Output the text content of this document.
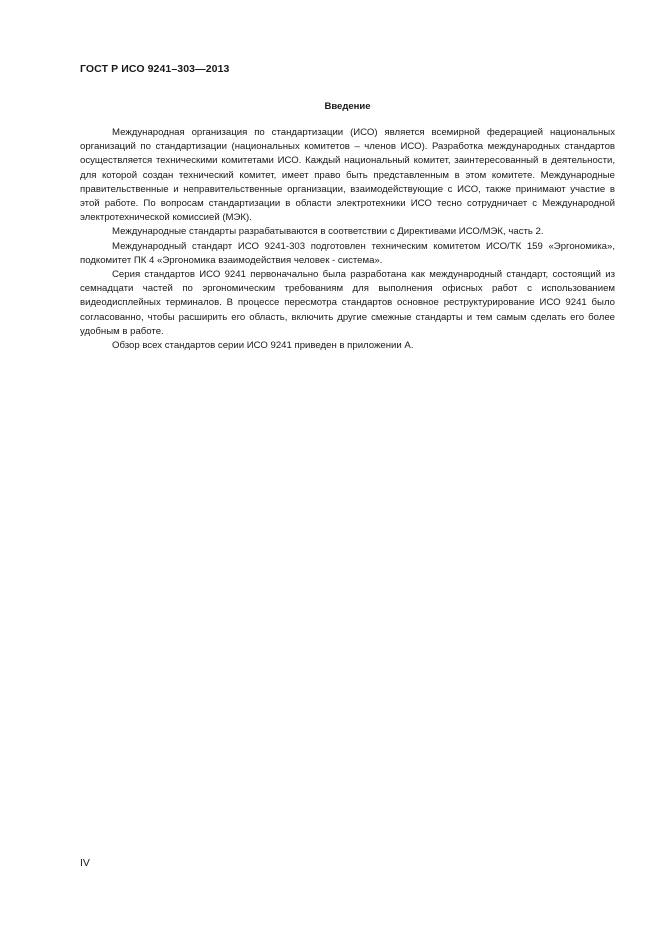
ГОСТ Р ИСО 9241–303—2013
Введение

Международная организация по стандартизации (ИСО) является всемирной федерацией национальных организаций по стандартизации (национальных комитетов – членов ИСО). Разработка международных стандартов осуществляется техническими комитетами ИСО. Каждый национальный комитет, заинтересованный в деятельности, для которой создан технический комитет, имеет право быть представленным в этом комитете. Международные правительственные и неправительственные организации, взаимодействующие с ИСО, также принимают участие в этой работе. По вопросам стандартизации в области электротехники ИСО тесно сотрудничает с Международной электротехнической комиссией (МЭК).

Международные стандарты разрабатываются в соответствии с Директивами ИСО/МЭК, часть 2.

Международный стандарт ИСО 9241-303 подготовлен техническим комитетом ИСО/ТК 159 «Эргономика», подкомитет ПК 4 «Эргономика взаимодействия человек - система».

Серия стандартов ИСО 9241 первоначально была разработана как международный стандарт, состоящий из семнадцати частей по эргономическим требованиям для выполнения офисных работ с использованием видеодисплейных терминалов. В процессе пересмотра стандартов основное реструктурирование ИСО 9241 было согласованно, чтобы расширить его область, включить другие смежные стандарты и тем самым сделать его более удобным в работе.

Обзор всех стандартов серии ИСО 9241 приведен в приложении А.

IV
